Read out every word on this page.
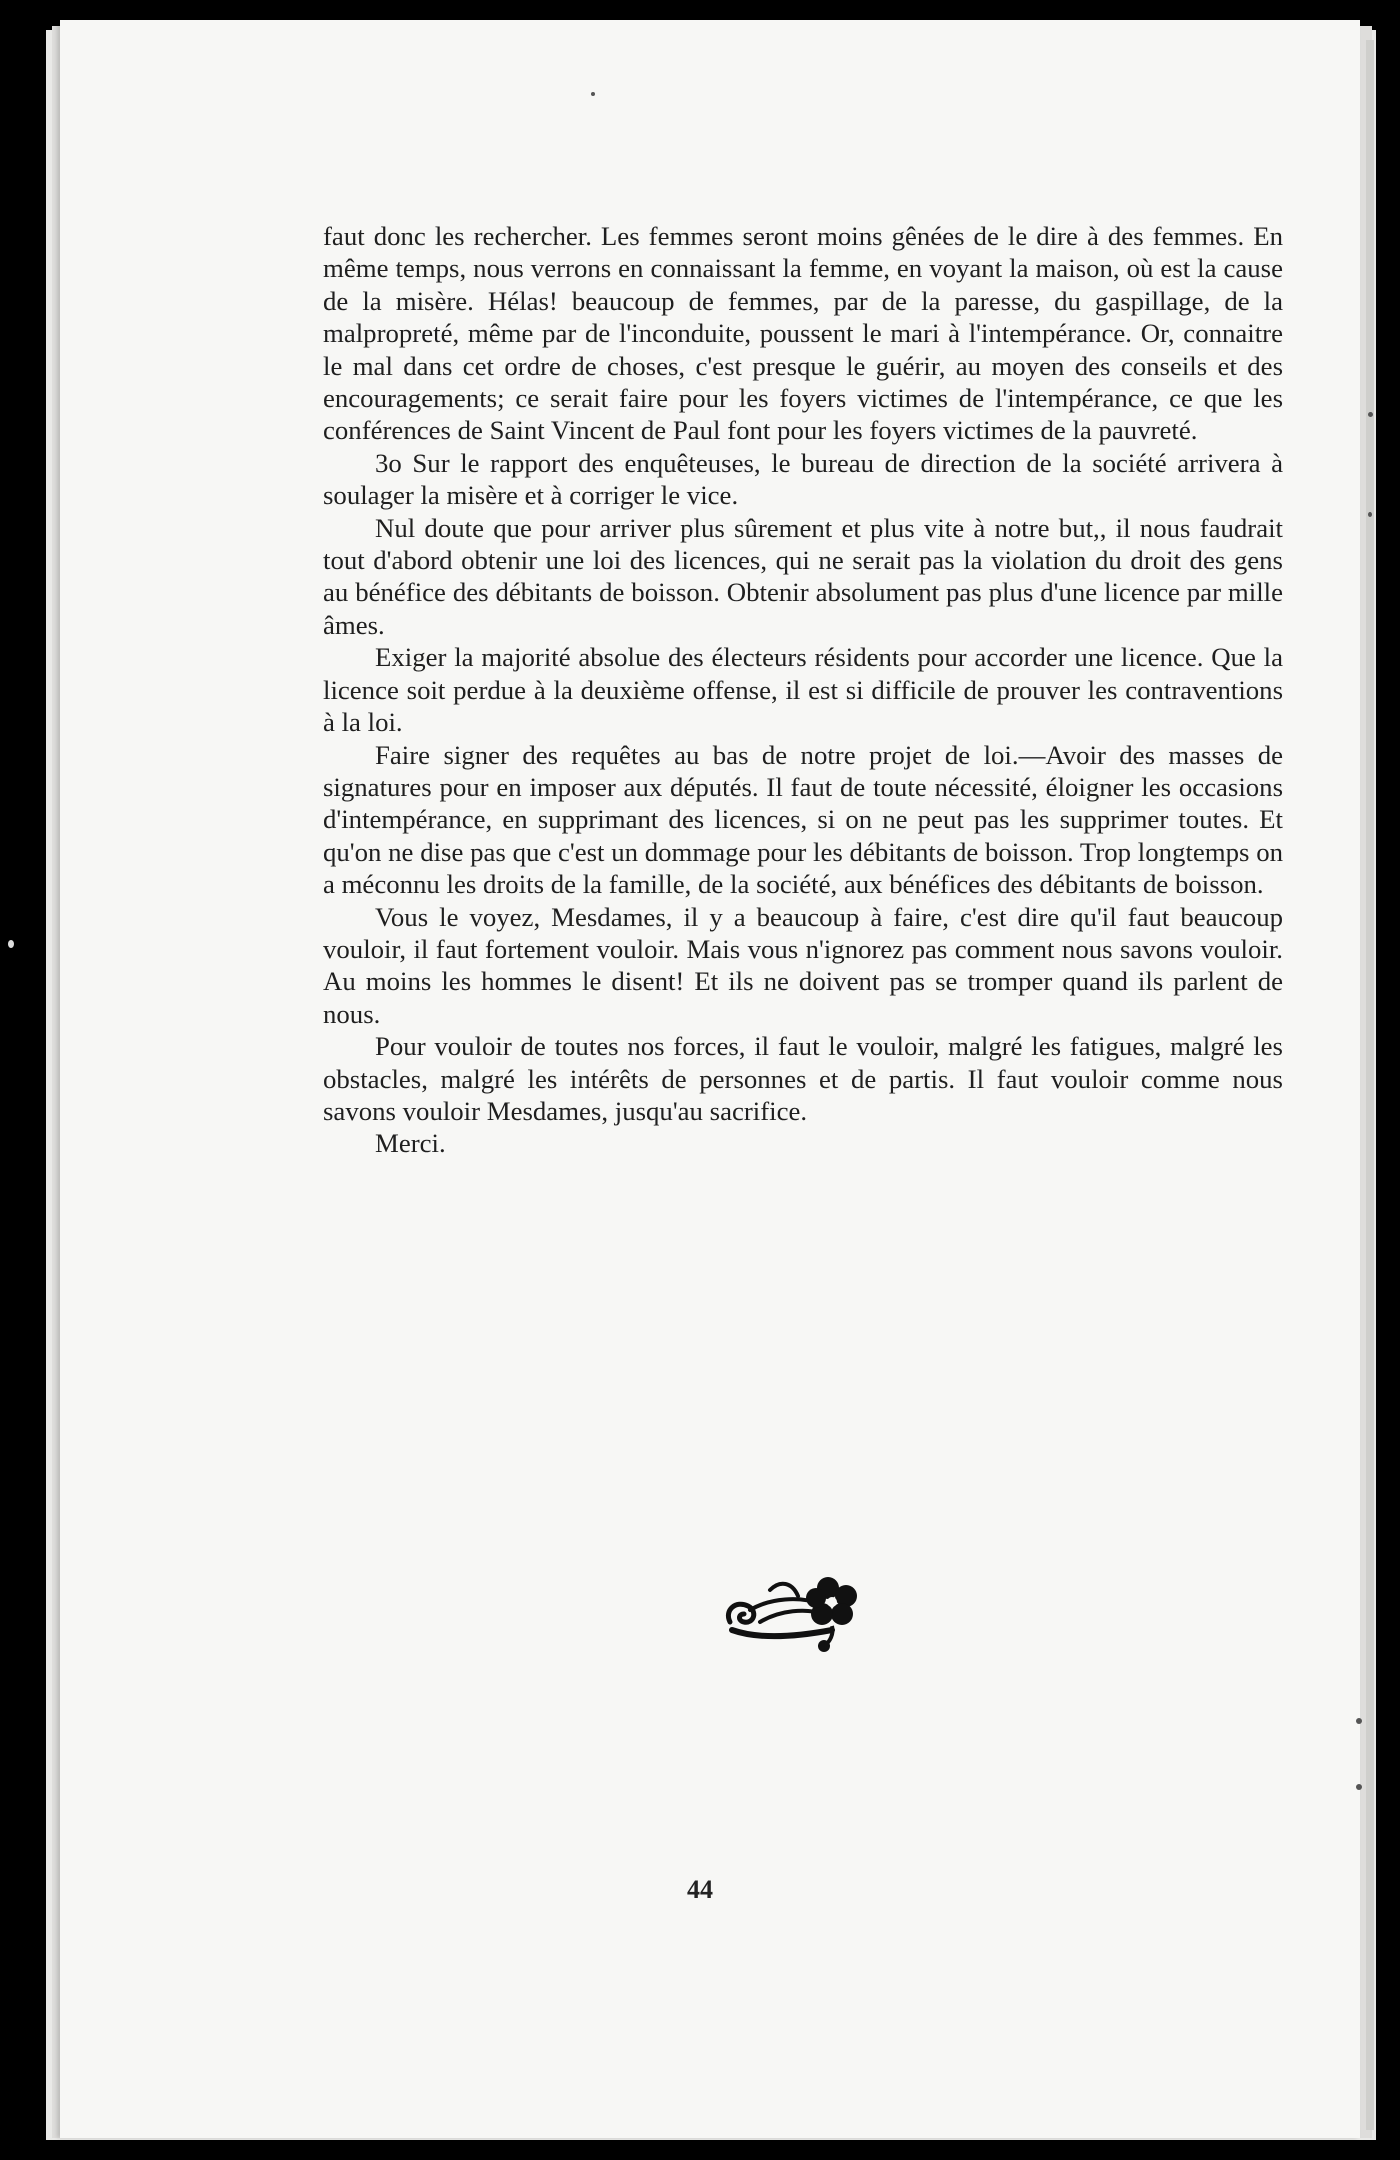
faut donc les rechercher. Les femmes seront moins gênées de le dire à des femmes. En même temps, nous verrons en connaissant la femme, en voyant la maison, où est la cause de la misère. Hélas! beaucoup de femmes, par de la paresse, du gaspillage, de la malpropreté, même par de l'inconduite, poussent le mari à l'intempérance. Or, connaitre le mal dans cet ordre de choses, c'est presque le guérir, au moyen des conseils et des encouragements; ce serait faire pour les foyers victimes de l'intempérance, ce que les conférences de Saint Vincent de Paul font pour les foyers victimes de la pauvreté.

3o Sur le rapport des enquêteuses, le bureau de direction de la société arrivera à soulager la misère et à corriger le vice.

Nul doute que pour arriver plus sûrement et plus vite à notre but,, il nous faudrait tout d'abord obtenir une loi des licences, qui ne serait pas la violation du droit des gens au bénéfice des débitants de boisson. Obtenir absolument pas plus d'une licence par mille âmes.

Exiger la majorité absolue des électeurs résidents pour accorder une licence. Que la licence soit perdue à la deuxième offense, il est si difficile de prouver les contraventions à la loi.

Faire signer des requêtes au bas de notre projet de loi.—Avoir des masses de signatures pour en imposer aux députés. Il faut de toute nécessité, éloigner les occasions d'intempérance, en supprimant des licences, si on ne peut pas les supprimer toutes. Et qu'on ne dise pas que c'est un dommage pour les débitants de boisson. Trop longtemps on a méconnu les droits de la famille, de la société, aux bénéfices des débitants de boisson.

Vous le voyez, Mesdames, il y a beaucoup à faire, c'est dire qu'il faut beaucoup vouloir, il faut fortement vouloir. Mais vous n'ignorez pas comment nous savons vouloir. Au moins les hommes le disent! Et ils ne doivent pas se tromper quand ils parlent de nous.

Pour vouloir de toutes nos forces, il faut le vouloir, malgré les fatigues, malgré les obstacles, malgré les intérêts de personnes et de partis. Il faut vouloir comme nous savons vouloir Mesdames, jusqu'au sacrifice.

Merci.

44
